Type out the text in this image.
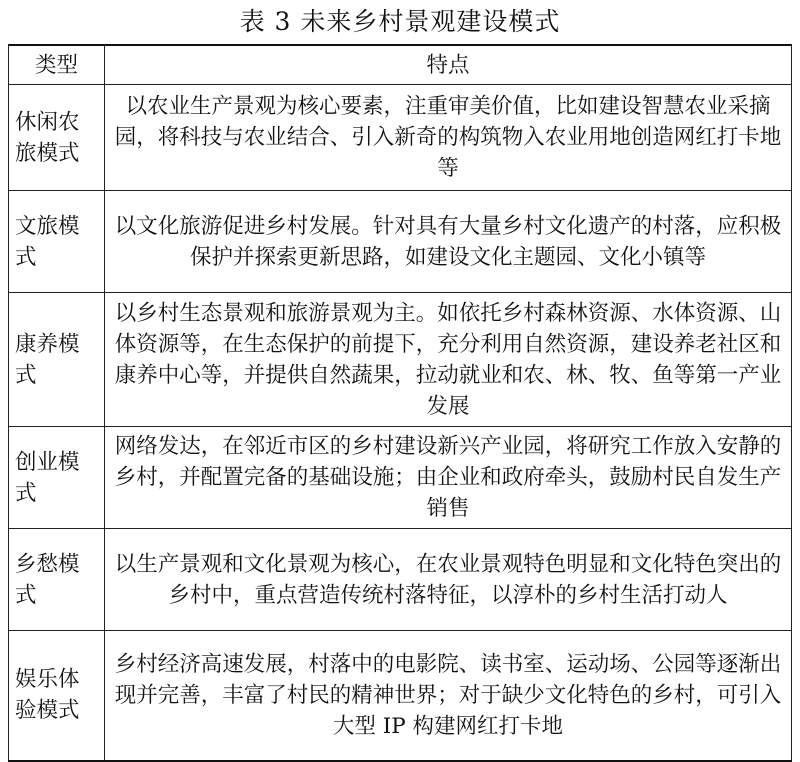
表 3 未来乡村景观建设模式
类型	特点
休闲农旅模式	以农业生产景观为核心要素，注重审美价值，比如建设智慧农业采摘园，将科技与农业结合、引入新奇的构筑物入农业用地创造网红打卡地等
文旅模式	以文化旅游促进乡村发展。针对具有大量乡村文化遗产的村落，应积极保护并探索更新思路，如建设文化主题园、文化小镇等
康养模式	以乡村生态景观和旅游景观为主。如依托乡村森林资源、水体资源、山体资源等，在生态保护的前提下，充分利用自然资源，建设养老社区和康养中心等，并提供自然蔬果，拉动就业和农、林、牧、鱼等第一产业发展
创业模式	网络发达，在邻近市区的乡村建设新兴产业园，将研究工作放入安静的乡村，并配置完备的基础设施；由企业和政府牵头，鼓励村民自发生产销售
乡愁模式	以生产景观和文化景观为核心，在农业景观特色明显和文化特色突出的乡村中，重点营造传统村落特征，以淳朴的乡村生活打动人
娱乐体验模式	乡村经济高速发展，村落中的电影院、读书室、运动场、公园等逐渐出现并完善，丰富了村民的精神世界；对于缺少文化特色的乡村，可引入大型 IP 构建网红打卡地
